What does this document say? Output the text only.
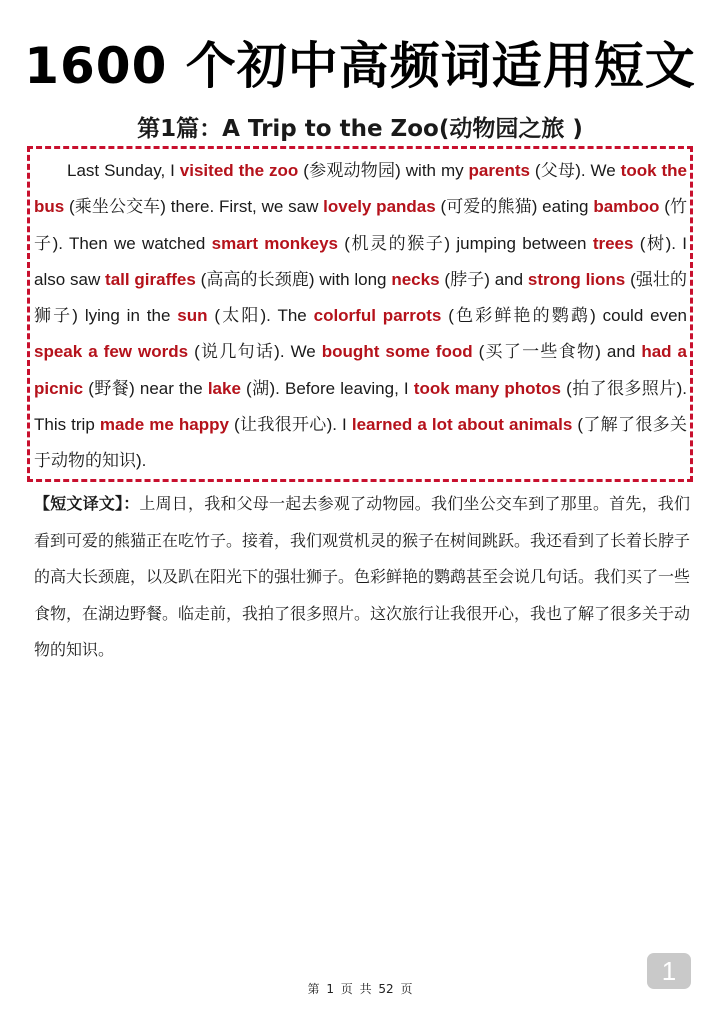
1600 个初中高频词适用短文
第1篇：A Trip to the Zoo(动物园之旅 )

Last Sunday, I visited the zoo (参观动物园) with my parents (父母). We took the bus (乘坐公交车) there. First, we saw lovely pandas (可爱的熊猫) eating bamboo (竹子). Then we watched smart monkeys (机灵的猴子) jumping between trees (树). I also saw tall giraffes (高高的长颈鹿) with long necks (脖子) and strong lions (强壮的狮子) lying in the sun (太阳). The colorful parrots (色彩鲜艳的鹦鹉) could even speak a few words (说几句话). We bought some food (买了一些食物) and had a picnic (野餐) near the lake (湖). Before leaving, I took many photos (拍了很多照片). This trip made me happy (让我很开心). I learned a lot about animals (了解了很多关于动物的知识).

【短文译文】：上周日，我和父母一起去参观了动物园。我们坐公交车到了那里。首先，我们看到可爱的熊猫正在吃竹子。接着，我们观赏机灵的猴子在树间跳跃。我还看到了长着长脖子的高大长颈鹿，以及趴在阳光下的强壮狮子。色彩鲜艳的鹦鹉甚至会说几句话。我们买了一些食物，在湖边野餐。临走前，我拍了很多照片。这次旅行让我很开心，我也了解了很多关于动物的知识。

第 1 页 共 52 页
1
